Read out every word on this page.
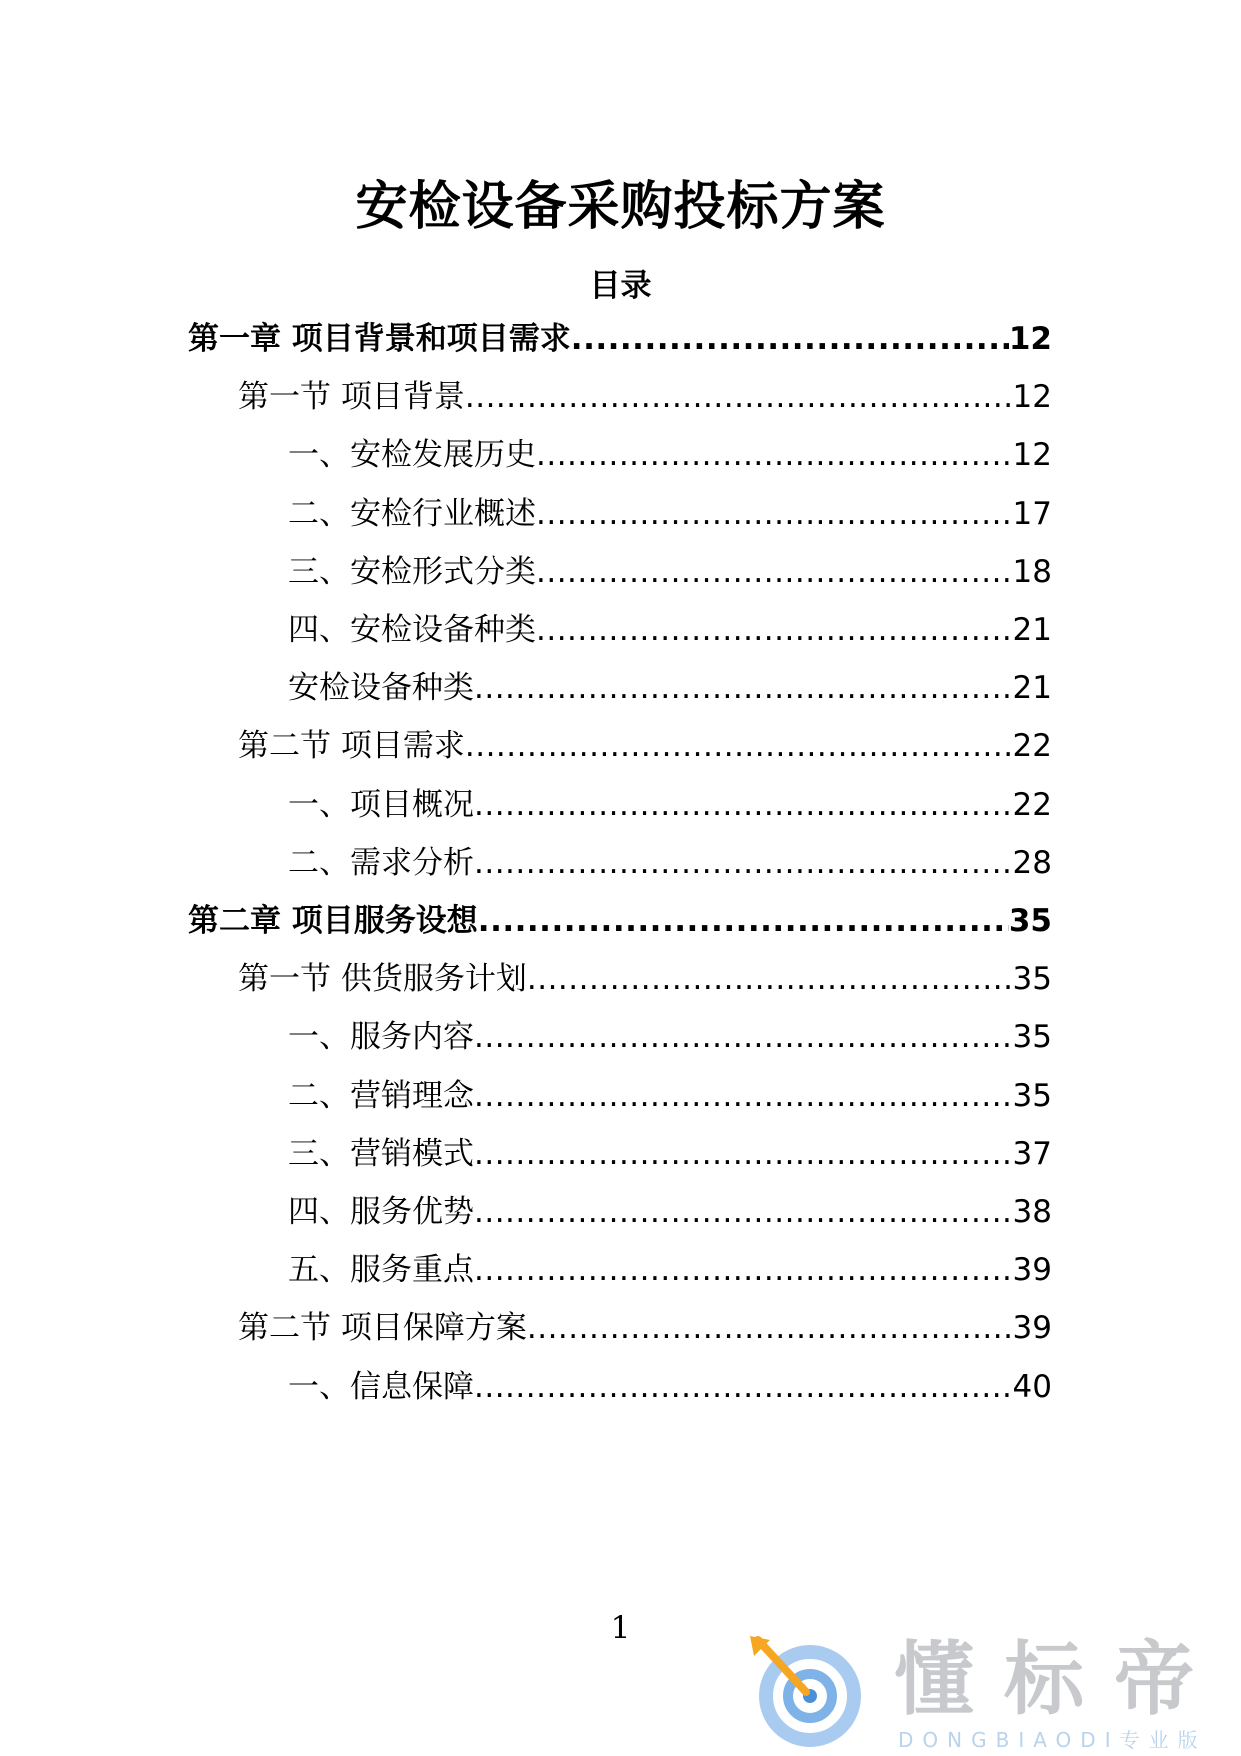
安检设备采购投标方案
目录
第一章 项目背景和项目需求 .....	12
第一节 项目背景 .....	12
一、安检发展历史 .....	12
二、安检行业概述 .....	17
三、安检形式分类 .....	18
四、安检设备种类 .....	21
安检设备种类 .....	21
第二节 项目需求 .....	22
一、项目概况 .....	22
二、需求分析 .....	28
第二章 项目服务设想 .....	35
第一节 供货服务计划 .....	35
一、服务内容 .....	35
二、营销理念 .....	35
三、营销模式 .....	37
四、服务优势 .....	38
五、服务重点 .....	39
第二节 项目保障方案 .....	39
一、信息保障 .....	40
1
懂标帝
DONGBIAODI专业版
